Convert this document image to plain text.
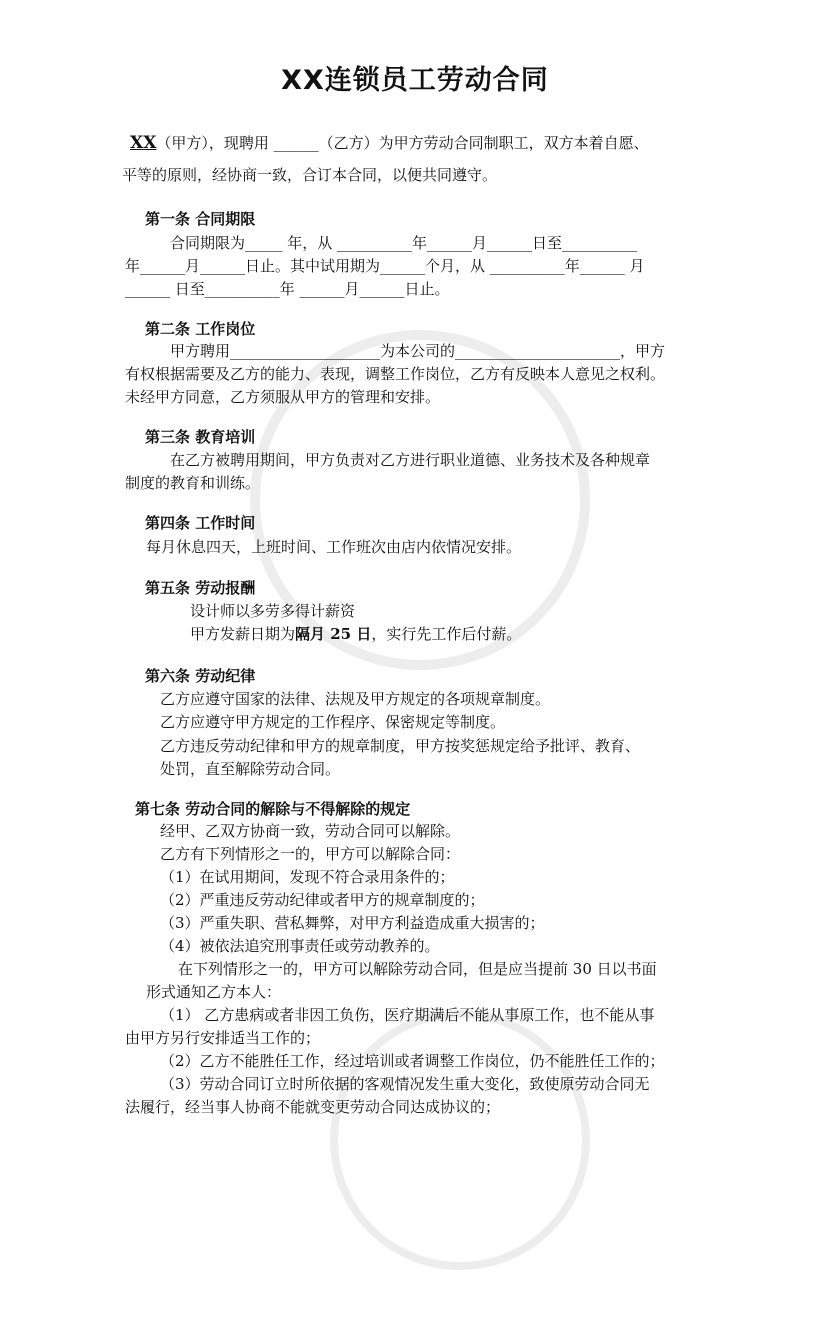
XX连锁员工劳动合同
XX（甲方），现聘用 ______（乙方）为甲方劳动合同制职工，双方本着自愿、
平等的原则，经协商一致，合订本合同，以便共同遵守。
第一条 合同期限
合同期限为_____ 年，从 __________年______月______日至__________
年______月______日止。其中试用期为______个月，从 __________年______ 月
______ 日至__________年 ______月______日止。
第二条 工作岗位
甲方聘用____________________为本公司的______________________，甲方
有权根据需要及乙方的能力、表现，调整工作岗位，乙方有反映本人意见之权利。
未经甲方同意，乙方须服从甲方的管理和安排。
第三条 教育培训
在乙方被聘用期间，甲方负责对乙方进行职业道德、业务技术及各种规章
制度的教育和训练。
第四条 工作时间
每月休息四天，上班时间、工作班次由店内依情况安排。
第五条 劳动报酬
设计师以多劳多得计薪资
甲方发薪日期为隔月 25 日，实行先工作后付薪。
第六条 劳动纪律
乙方应遵守国家的法律、法规及甲方规定的各项规章制度。
乙方应遵守甲方规定的工作程序、保密规定等制度。
乙方违反劳动纪律和甲方的规章制度，甲方按奖惩规定给予批评、教育、
处罚，直至解除劳动合同。
第七条 劳动合同的解除与不得解除的规定
经甲、乙双方协商一致，劳动合同可以解除。
乙方有下列情形之一的，甲方可以解除合同：
（1）在试用期间，发现不符合录用条件的；
（2）严重违反劳动纪律或者甲方的规章制度的；
（3）严重失职、营私舞弊，对甲方利益造成重大损害的；
（4）被依法追究刑事责任或劳动教养的。
在下列情形之一的，甲方可以解除劳动合同，但是应当提前 30 日以书面
形式通知乙方本人：
（1） 乙方患病或者非因工负伤，医疗期满后不能从事原工作，也不能从事
由甲方另行安排适当工作的；
（2）乙方不能胜任工作，经过培训或者调整工作岗位，仍不能胜任工作的；
（3）劳动合同订立时所依据的客观情况发生重大变化，致使原劳动合同无
法履行，经当事人协商不能就变更劳动合同达成协议的；
